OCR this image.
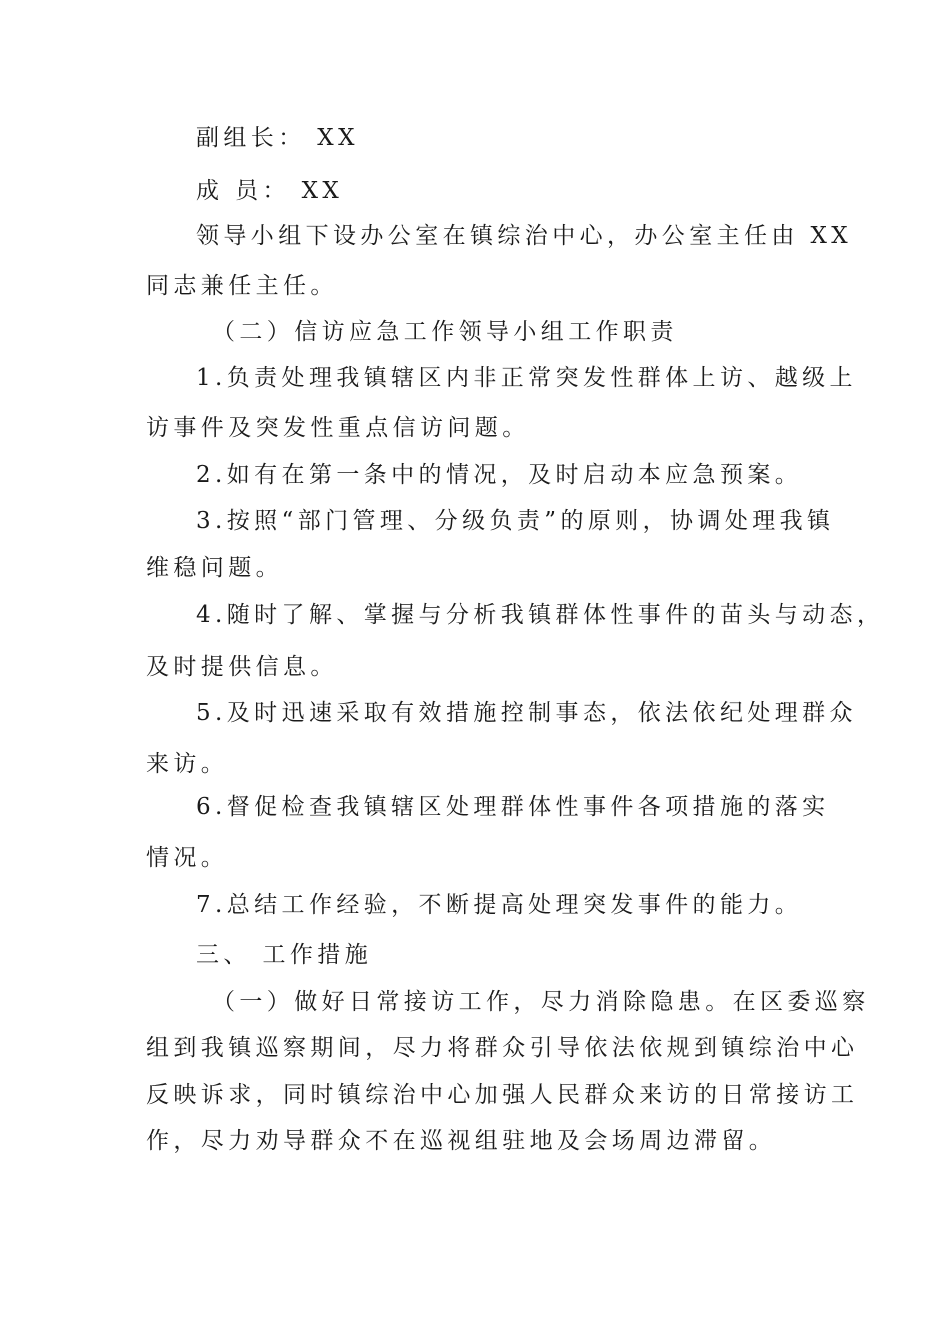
副组长： XX
成 员： XX
领导小组下设办公室在镇综治中心，办公室主任由 XX
同志兼任主任。
（二）信访应急工作领导小组工作职责
1.负责处理我镇辖区内非正常突发性群体上访、越级上
访事件及突发性重点信访问题。
2.如有在第一条中的情况，及时启动本应急预案。
3.按照“部门管理、分级负责”的原则，协调处理我镇
维稳问题。
4.随时了解、掌握与分析我镇群体性事件的苗头与动态，
及时提供信息。
5.及时迅速采取有效措施控制事态，依法依纪处理群众
来访。
6.督促检查我镇辖区处理群体性事件各项措施的落实
情况。
7.总结工作经验，不断提高处理突发事件的能力。
三、 工作措施
（一）做好日常接访工作，尽力消除隐患。在区委巡察
组到我镇巡察期间，尽力将群众引导依法依规到镇综治中心
反映诉求，同时镇综治中心加强人民群众来访的日常接访工
作，尽力劝导群众不在巡视组驻地及会场周边滞留。
